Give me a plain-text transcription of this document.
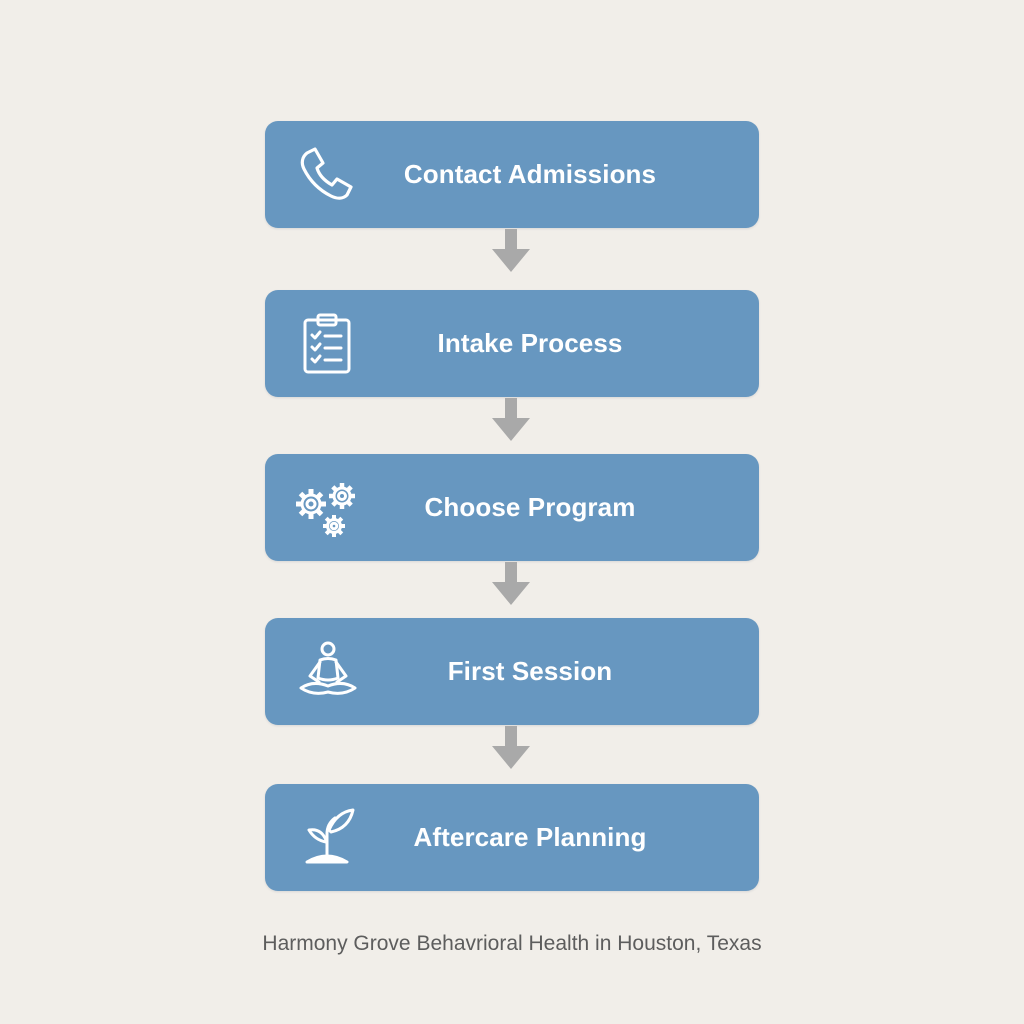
Contact Admissions
Intake Process
Choose Program
First Session
Aftercare Planning
Harmony Grove Behavrioral Health in Houston, Texas
